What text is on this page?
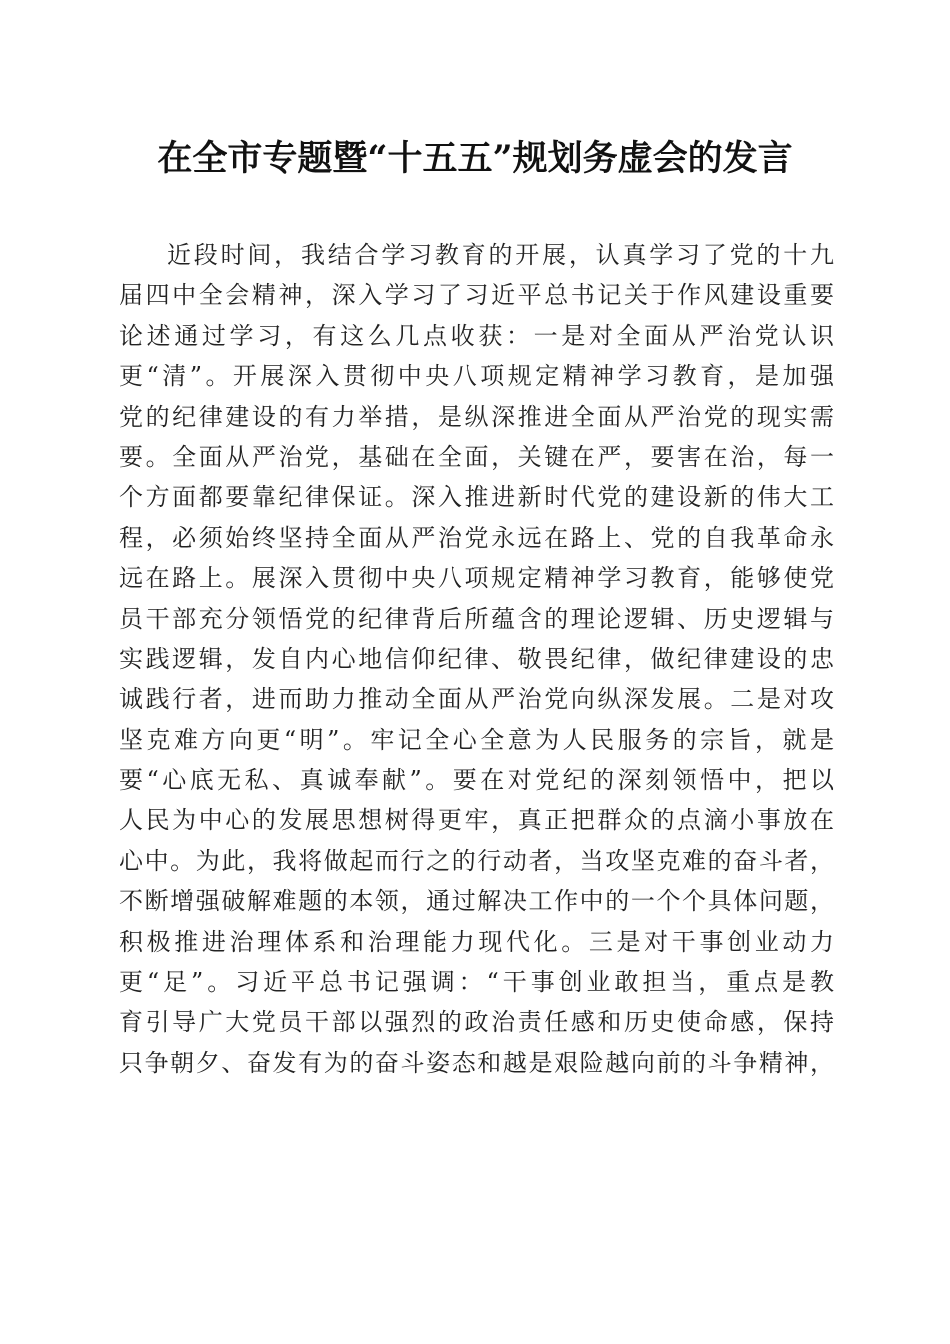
在全市专题暨“十五五”规划务虚会的发言
近段时间，我结合学习教育的开展，认真学习了党的十九
届四中全会精神，深入学习了习近平总书记关于作风建设重要
论述通过学习，有这么几点收获：一是对全面从严治党认识
更“清”。开展深入贯彻中央八项规定精神学习教育，是加强
党的纪律建设的有力举措，是纵深推进全面从严治党的现实需
要。全面从严治党，基础在全面，关键在严，要害在治，每一
个方面都要靠纪律保证。深入推进新时代党的建设新的伟大工
程，必须始终坚持全面从严治党永远在路上、党的自我革命永
远在路上。展深入贯彻中央八项规定精神学习教育，能够使党
员干部充分领悟党的纪律背后所蕴含的理论逻辑、历史逻辑与
实践逻辑，发自内心地信仰纪律、敬畏纪律，做纪律建设的忠
诚践行者，进而助力推动全面从严治党向纵深发展。二是对攻
坚克难方向更“明”。牢记全心全意为人民服务的宗旨，就是
要“心底无私、真诚奉献”。要在对党纪的深刻领悟中，把以
人民为中心的发展思想树得更牢，真正把群众的点滴小事放在
心中。为此，我将做起而行之的行动者，当攻坚克难的奋斗者，
不断增强破解难题的本领，通过解决工作中的一个个具体问题，
积极推进治理体系和治理能力现代化。三是对干事创业动力
更“足”。习近平总书记强调：“干事创业敢担当，重点是教
育引导广大党员干部以强烈的政治责任感和历史使命感，保持
只争朝夕、奋发有为的奋斗姿态和越是艰险越向前的斗争精神，
